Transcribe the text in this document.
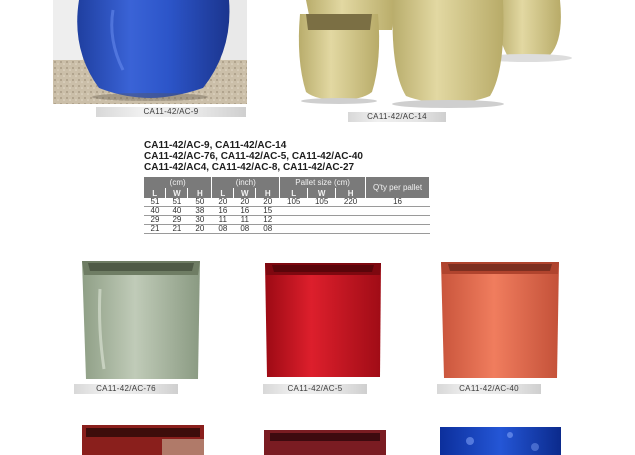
CA11-42/AC-9
CA11-42/AC-14
CA11-42/AC-9, CA11-42/AC-14
CA11-42/AC-76, CA11-42/AC-5, CA11-42/AC-40
CA11-42/AC4, CA11-42/AC-8, CA11-42/AC-27
(cm)			(inch)			Pallet size (cm)			Q'ty per pallet
L	W	H	L	W	H	L	W	H	
51	51	50	20	20	20	105	105	220	16
40	40	38	16	16	15				
29	29	30	11	11	12				
21	21	20	08	08	08				
CA11-42/AC-76	CA11-42/AC-5	CA11-42/AC-40
